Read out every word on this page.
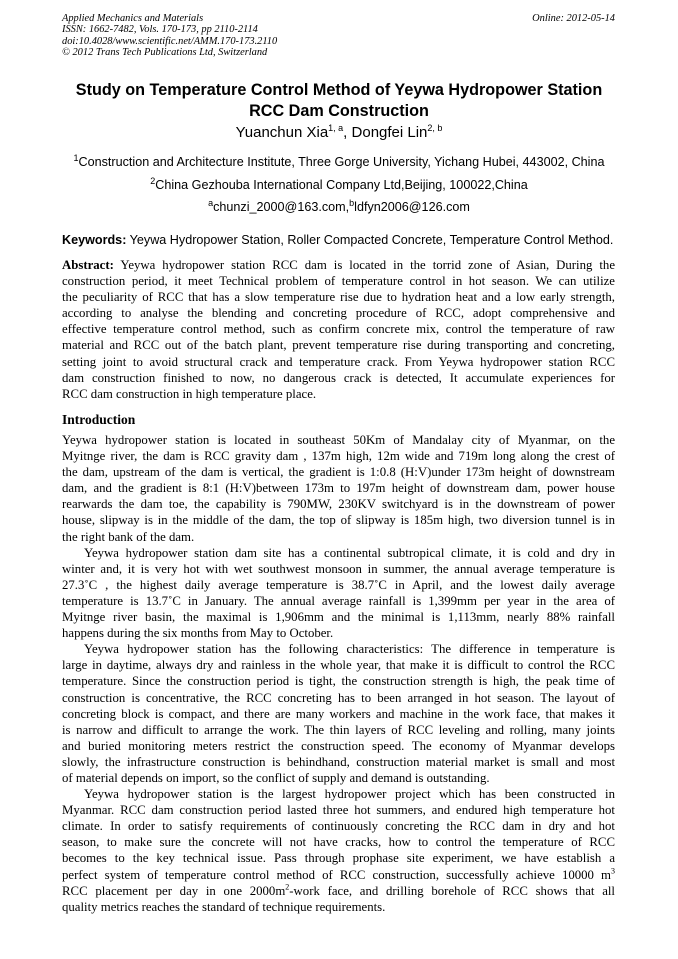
Applied Mechanics and Materials
ISSN: 1662-7482, Vols. 170-173, pp 2110-2114
doi:10.4028/www.scientific.net/AMM.170-173.2110
© 2012 Trans Tech Publications Ltd, Switzerland
Online: 2012-05-14
Study on Temperature Control Method of Yeywa Hydropower Station
RCC Dam Construction
Yuanchun Xia$^{1, a}$, Dongfei Lin$^{2, b}$
$^1$Construction and Architecture Institute, Three Gorge University, Yichang Hubei, 443002, China
$^2$China Gezhouba International Company Ltd,Beijing, 100022,China
$^a$chunzi_2000@163.com,$^b$ldfyn2006@126.com
Keywords: Yeywa Hydropower Station, Roller Compacted Concrete, Temperature Control Method.
Abstract: Yeywa hydropower station RCC dam is located in the torrid zone of Asian, During the
construction period, it meet Technical problem of temperature control in hot season. We can utilize
the peculiarity of RCC that has a slow temperature rise due to hydration heat and a low early strength,
according to analyse the blending and concreting procedure of RCC, adopt comprehensive and
effective temperature control method, such as confirm concrete mix, control the temperature of raw
material and RCC out of the batch plant, prevent temperature rise during transporting and concreting,
setting joint to avoid structural crack and temperature crack. From Yeywa hydropower station RCC
dam construction finished to now, no dangerous crack is detected, It accumulate experiences for
RCC dam construction in high temperature place.
Introduction
Yeywa hydropower station is located in southeast 50Km of Mandalay city of Myanmar, on the
Myitnge river, the dam is RCC gravity dam , 137m high, 12m wide and 719m long along the crest of
the dam, upstream of the dam is vertical, the gradient is 1:0.8 (H:V)under 173m height of downstream
dam, and the gradient is 8:1 (H:V)between 173m to 197m height of downstream dam, power house
rearwards the dam toe, the capability is 790MW, 230KV switchyard is in the downstream of power
house, slipway is in the middle of the dam, the top of slipway is 185m high, two diversion tunnel is in
the right bank of the dam.
Yeywa hydropower station dam site has a continental subtropical climate, it is cold and dry in
winter and, it is very hot with wet southwest monsoon in summer, the annual average temperature is
27.3˚C , the highest daily average temperature is 38.7˚C in April, and the lowest daily average
temperature is 13.7˚C in January. The annual average rainfall is 1,399mm per year in the area of
Myitnge river basin, the maximal is 1,906mm and the minimal is 1,113mm, nearly 88% rainfall
happens during the six months from May to October.
Yeywa hydropower station has the following characteristics: The difference in temperature is
large in daytime, always dry and rainless in the whole year, that make it is difficult to control the RCC
temperature. Since the construction period is tight, the construction strength is high, the peak time of
construction is concentrative, the RCC concreting has to been arranged in hot season. The layout of
concreting block is compact, and there are many workers and machine in the work face, that makes it
is narrow and difficult to arrange the work. The thin layers of RCC leveling and rolling, many joints
and buried monitoring meters restrict the construction speed. The economy of Myanmar develops
slowly, the infrastructure construction is behindhand, construction material market is small and most
of material depends on import, so the conflict of supply and demand is outstanding.
Yeywa hydropower station is the largest hydropower project which has been constructed in
Myanmar. RCC dam construction period lasted three hot summers, and endured high temperature hot
climate. In order to satisfy requirements of continuously concreting the RCC dam in dry and hot
season, to make sure the concrete will not have cracks, how to control the temperature of RCC
becomes to the key technical issue. Pass through prophase site experiment, we have establish a
perfect system of temperature control method of RCC construction, successfully achieve 10000 $m^3$
RCC placement per day in one $2000m^2$-work face, and drilling borehole of RCC shows that all
quality metrics reaches the standard of technique requirements.
